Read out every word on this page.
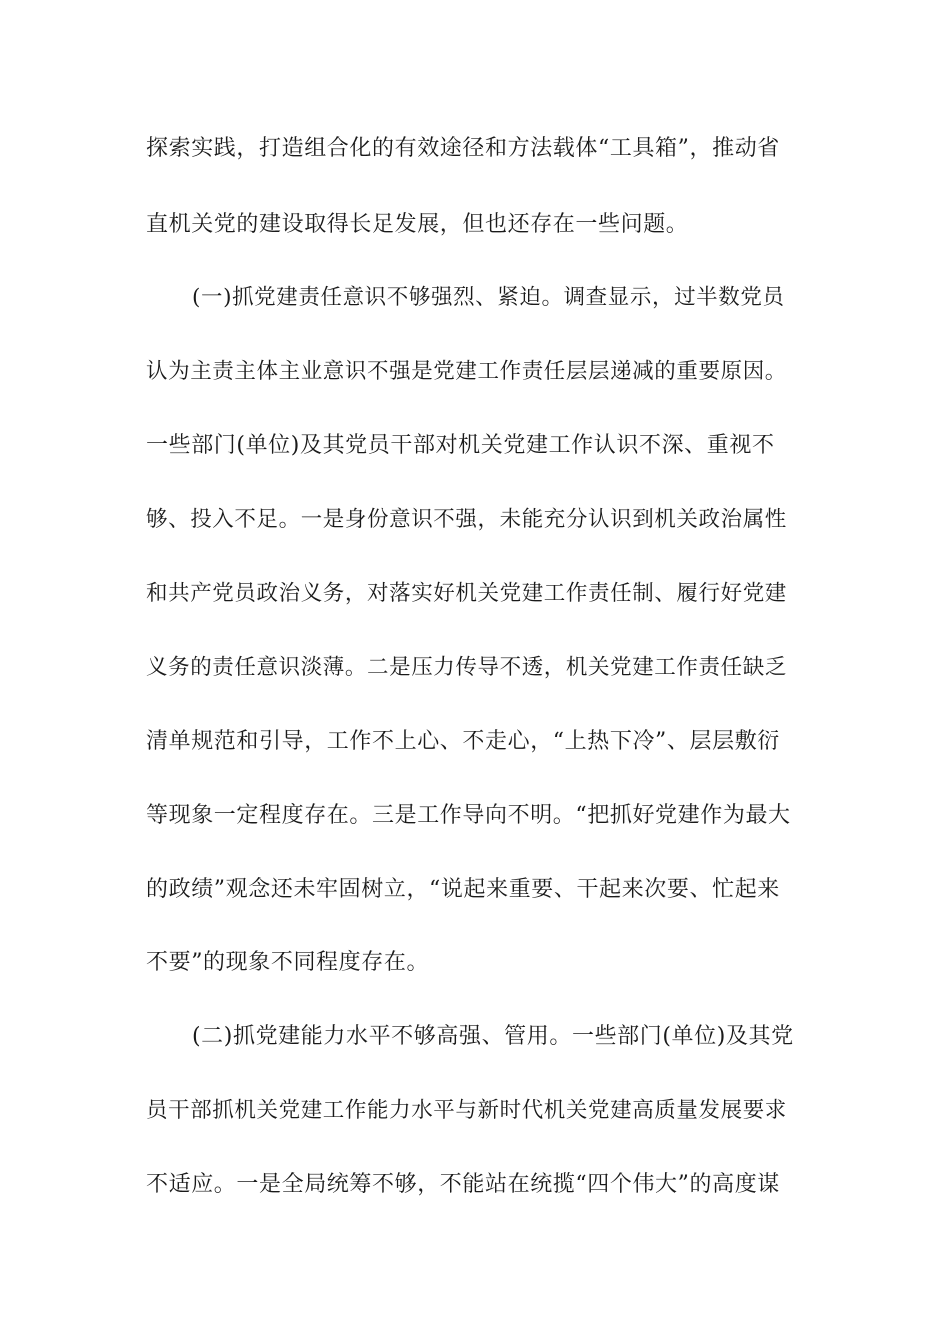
探索实践，打造组合化的有效途径和方法载体“工具箱”，推动省
直机关党的建设取得长足发展，但也还存在一些问题。
(一)抓党建责任意识不够强烈、紧迫。调查显示，过半数党员
认为主责主体主业意识不强是党建工作责任层层递减的重要原因。
一些部门(单位)及其党员干部对机关党建工作认识不深、重视不
够、投入不足。一是身份意识不强，未能充分认识到机关政治属性
和共产党员政治义务，对落实好机关党建工作责任制、履行好党建
义务的责任意识淡薄。二是压力传导不透，机关党建工作责任缺乏
清单规范和引导，工作不上心、不走心，“上热下冷”、层层敷衍
等现象一定程度存在。三是工作导向不明。“把抓好党建作为最大
的政绩”观念还未牢固树立，“说起来重要、干起来次要、忙起来
不要”的现象不同程度存在。
(二)抓党建能力水平不够高强、管用。一些部门(单位)及其党
员干部抓机关党建工作能力水平与新时代机关党建高质量发展要求
不适应。一是全局统筹不够，不能站在统揽“四个伟大”的高度谋
